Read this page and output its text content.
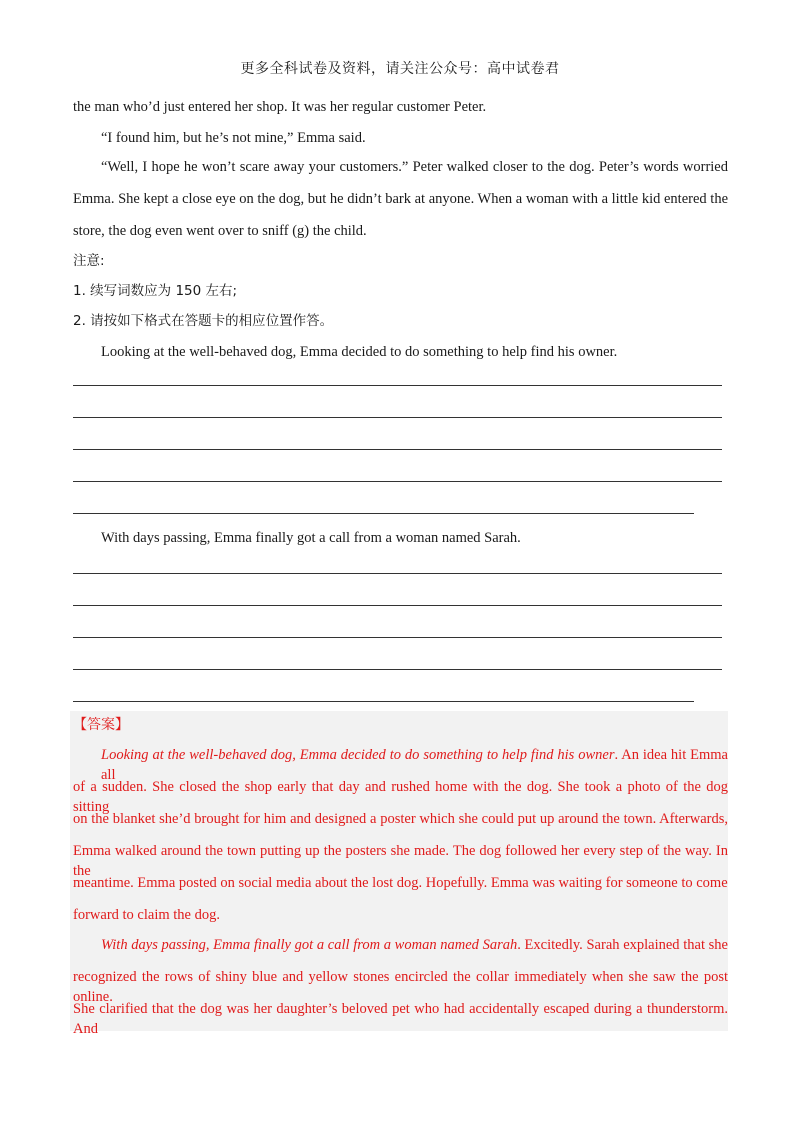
更多全科试卷及资料，请关注公众号：高中试卷君
the man who’d just entered her shop. It was her regular customer Peter.
“I found him, but he’s not mine,” Emma said.
“Well, I hope he won’t scare away your customers.” Peter walked closer to the dog. Peter’s words worried
Emma. She kept a close eye on the dog, but he didn’t bark at anyone. When a woman with a little kid entered the
store, the dog even went over to sniff (g) the child.
注意:
1. 续写词数应为 150 左右;
2. 请按如下格式在答题卡的相应位置作答。
Looking at the well-behaved dog, Emma decided to do something to help find his owner.
With days passing, Emma finally got a call from a woman named Sarah.
【答案】
Looking at the well-behaved dog, Emma decided to do something to help find his owner. An idea hit Emma all
of a sudden. She closed the shop early that day and rushed home with the dog. She took a photo of the dog sitting
on the blanket she’d brought for him and designed a poster which she could put up around the town. Afterwards,
Emma walked around the town putting up the posters she made. The dog followed her every step of the way. In the
meantime. Emma posted on social media about the lost dog. Hopefully. Emma was waiting for someone to come
forward to claim the dog.
With days passing, Emma finally got a call from a woman named Sarah. Excitedly. Sarah explained that she
recognized the rows of shiny blue and yellow stones encircled the collar immediately when she saw the post online.
She clarified that the dog was her daughter’s beloved pet who had accidentally escaped during a thunderstorm. And
